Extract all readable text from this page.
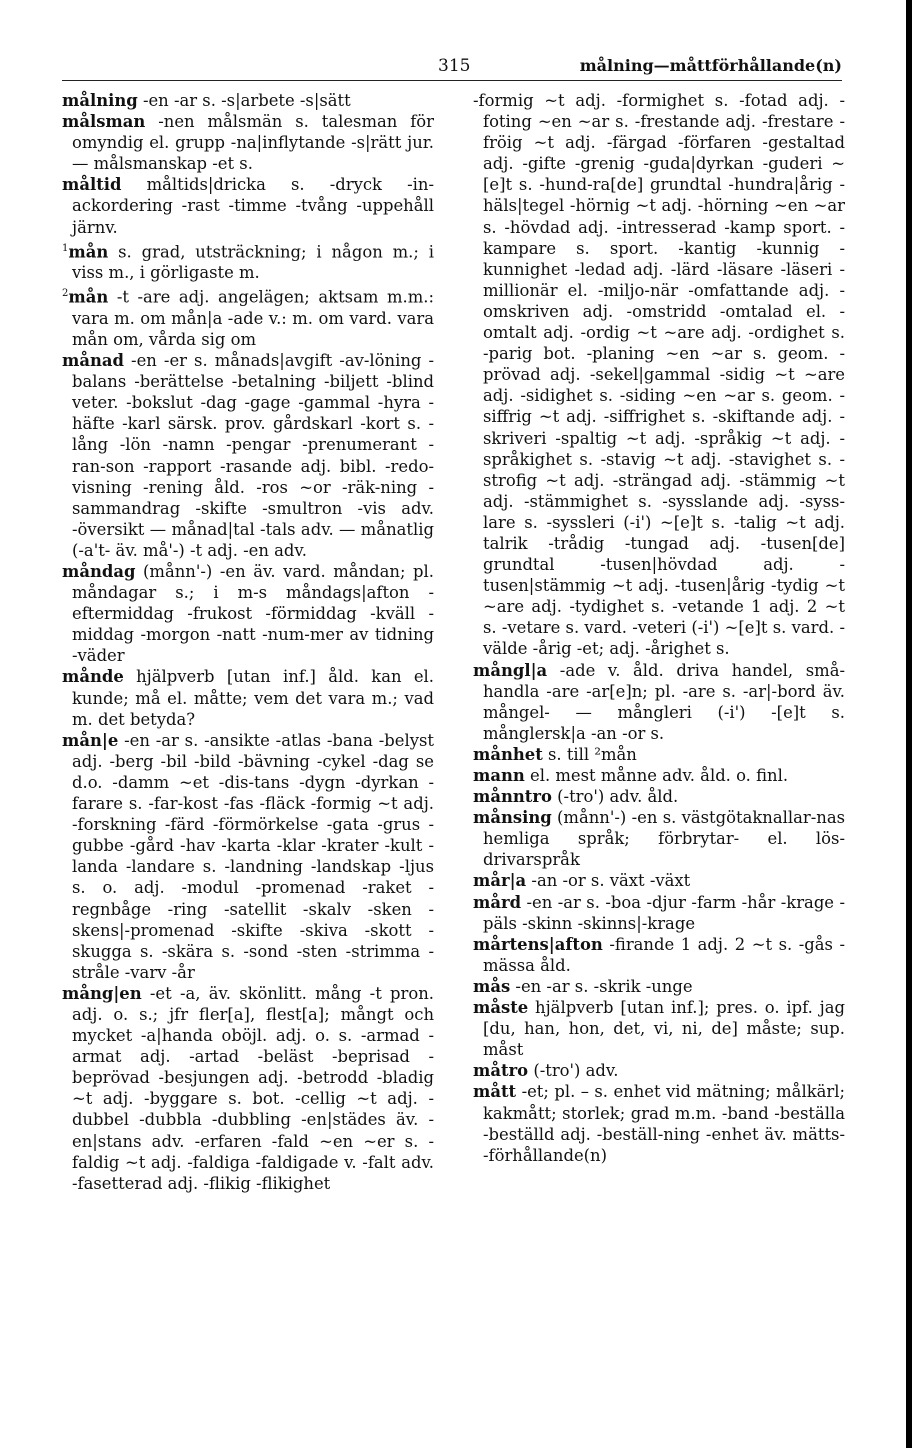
315	målning—måttförhållande(n)

målning -en -ar s. -s|arbete -s|sätt

målsman -nen målsmän s. talesman för omyndig el. grupp -na|inflytande -s|rätt jur. — målsmanskap -et s.

måltid måltids|dricka s. -dryck -in-ackordering -rast -timme -tvång -uppehåll järnv.

$^1$mån s. grad, utsträckning; i någon m.; i viss m., i görligaste m.

$^2$mån -t -are adj. angelägen; aktsam m.m.: vara m. om mån|a -ade v.: m. om vard. vara mån om, vårda sig om

månad -en -er s. månads|avgift -av-löning -balans -berättelse -betalning -biljett -blind veter. -bokslut -dag -gage -gammal -hyra -häfte -karl särsk. prov. gårdskarl -kort s. -lång -lön -namn -pengar -prenumerant -ran-son -rapport -rasande adj. bibl. -redo-visning -rening åld. -ros ~or -räk-ning -sammandrag -skifte -smultron -vis adv. -översikt — månad|tal -tals adv. — månatlig (-a't- äv. må'-) -t adj. -en adv.

måndag (månn'-) -en äv. vard. måndan; pl. måndagar s.; i m-s måndags|afton -eftermiddag -frukost -förmiddag -kväll -middag -morgon -natt -num-mer av tidning -väder

månde hjälpverb [utan inf.] åld. kan el. kunde; må el. måtte; vem det vara m.; vad m. det betyda?

mån|e -en -ar s. -ansikte -atlas -bana -belyst adj. -berg -bil -bild -bävning -cykel -dag se d.o. -damm ~et -dis-tans -dygn -dyrkan -farare s. -far-kost -fas -fläck -formig ~t adj. -forskning -färd -förmörkelse -gata -grus -gubbe -gård -hav -karta -klar -krater -kult -landa -landare s. -landning -landskap -ljus s. o. adj. -modul -promenad -raket -regnbåge -ring -satellit -skalv -sken -skens|-promenad -skifte -skiva -skott -skugga s. -skära s. -sond -sten -strimma -stråle -varv -år

mång|en -et -a, äv. skönlitt. mång -t pron. adj. o. s.; jfr fler[a], flest[a]; mångt och mycket -a|handa oböjl. adj. o. s. -armad -armat adj. -artad -beläst -beprisad -beprövad -besjungen adj. -betrodd -bladig ~t adj. -byggare s. bot. -cellig ~t adj. -dubbel -dubbla -dubbling -en|städes äv. -en|stans adv. -erfaren -fald ~en ~er s. -faldig ~t adj. -faldiga -faldigade v. -falt adv. -fasetterad adj. -flikig -flikighet

-formig ~t adj. -formighet s. -fotad adj. -foting ~en ~ar s. -frestande adj. -frestare -fröig ~t adj. -färgad -förfaren -gestaltad adj. -gifte -grenig -guda|dyrkan -guderi ~[e]t s. -hund-ra[de] grundtal -hundra|årig -häls|tegel -hörnig ~t adj. -hörning ~en ~ar s. -hövdad adj. -intresserad -kamp sport. -kampare s. sport. -kantig -kunnig -kunnighet -ledad adj. -lärd -läsare -läseri -millionär el. -miljo-när -omfattande adj. -omskriven adj. -omstridd -omtalad el. -omtalt adj. -ordig ~t ~are adj. -ordighet s. -parig bot. -planing ~en ~ar s. geom. -prövad adj. -sekel|gammal -sidig ~t ~are adj. -sidighet s. -siding ~en ~ar s. geom. -siffrig ~t adj. -siffrighet s. -skiftande adj. -skriveri -spaltig ~t adj. -språkig ~t adj. -språkighet s. -stavig ~t adj. -stavighet s. -strofig ~t adj. -strängad adj. -stämmig ~t adj. -stämmighet s. -sysslande adj. -syss-lare s. -syssleri (-i') ~[e]t s. -talig ~t adj. talrik -trådig -tungad adj. -tusen[de] grundtal -tusen|hövdad adj. -tusen|stämmig ~t adj. -tusen|årig -tydig ~t ~are adj. -tydighet s. -vetande 1 adj. 2 ~t s. -vetare s. vard. -veteri (-i') ~[e]t s. vard. -välde -årig -et; adj. -årighet s.

mångl|a -ade v. åld. driva handel, små-handla -are -ar[e]n; pl. -are s. -ar|-bord äv. mångel- — mångleri (-i') -[e]t s. månglersk|a -an -or s.

månhet s. till ²mån

mann el. mest månne adv. åld. o. finl.

månntro (-tro') adv. åld.

månsing (månn'-) -en s. västgötaknallar-nas hemliga språk; förbrytar- el. lös-drivarspråk

mår|a -an -or s. växt -växt

mård -en -ar s. -boa -djur -farm -hår -krage -päls -skinn -skinns|-krage

mårtens|afton -firande 1 adj. 2 ~t s. -gås -mässa åld.

mås -en -ar s. -skrik -unge

måste hjälpverb [utan inf.]; pres. o. ipf. jag [du, han, hon, det, vi, ni, de] måste; sup. måst

måtro (-tro') adv.

mått -et; pl. – s. enhet vid mätning; målkärl; kakmått; storlek; grad m.m. -band -beställa -beställd adj. -beställ-ning -enhet äv. mätts- -förhållande(n)
